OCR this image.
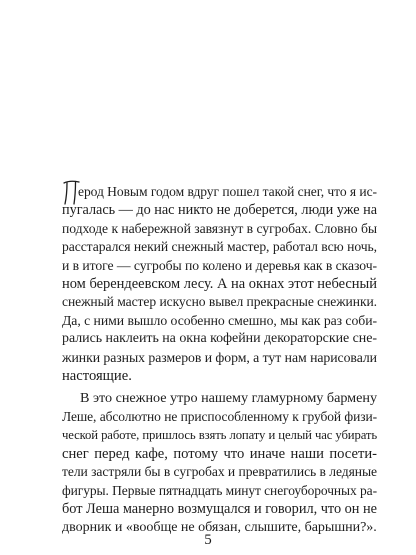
ерод Новым годом вдруг пошел такой снег, что я ис-
пугалась — до нас никто не доберется, люди уже на
подходе к набережной завязнут в сугробах. Словно бы
расстарался некий снежный мастер, работал всю ночь,
и в итоге — сугробы по колено и деревья как в сказоч-
ном берендеевском лесу. А на окнах этот небесный
снежный мастер искусно вывел прекрасные снежинки.
Да, с ними вышло особенно смешно, мы как раз соби-
рались наклеить на окна кофейни декораторские сне-
жинки разных размеров и форм, а тут нам нарисовали
настоящие.
В это снежное утро нашему гламурному бармену
Леше, абсолютно не приспособленному к грубой физи-
ческой работе, пришлось взять лопату и целый час убирать
снег перед кафе, потому что иначе наши посети-
тели застряли бы в сугробах и превратились в ледяные
фигуры. Первые пятнадцать минут снегоуборочных ра-
бот Леша манерно возмущался и говорил, что он не
дворник и «вообще не обязан, слышите, барышни?».
5
